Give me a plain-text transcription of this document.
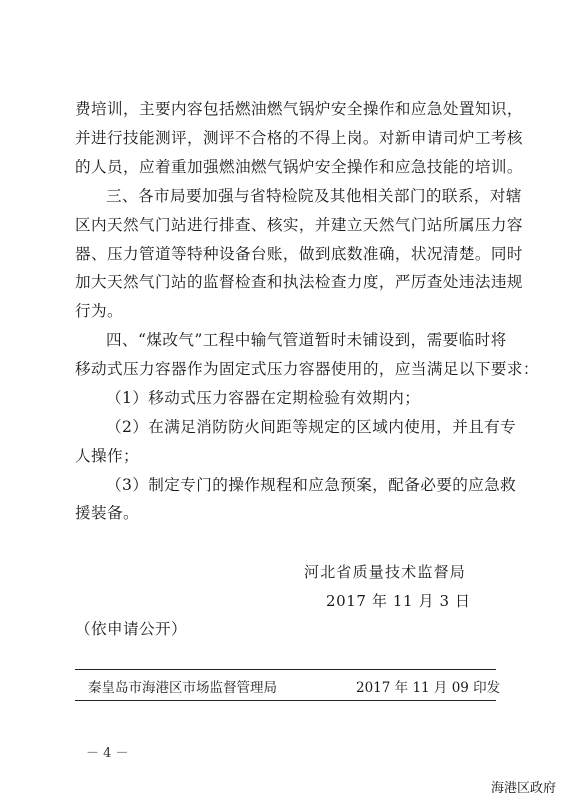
费培训，主要内容包括燃油燃气锅炉安全操作和应急处置知识，
并进行技能测评，测评不合格的不得上岗。对新申请司炉工考核
的人员，应着重加强燃油燃气锅炉安全操作和应急技能的培训。
三、各市局要加强与省特检院及其他相关部门的联系，对辖
区内天然气门站进行排查、核实，并建立天然气门站所属压力容
器、压力管道等特种设备台账，做到底数准确，状况清楚。同时
加大天然气门站的监督检查和执法检查力度，严厉查处违法违规
行为。
四、“煤改气”工程中输气管道暂时未铺设到，需要临时将
移动式压力容器作为固定式压力容器使用的，应当满足以下要求：
（1）移动式压力容器在定期检验有效期内；
（2）在满足消防防火间距等规定的区域内使用，并且有专
人操作；
（3）制定专门的操作规程和应急预案，配备必要的应急救
援装备。
河北省质量技术监督局
2017 年 11 月 3 日
（依申请公开）
秦皇岛市海港区市场监督管理局	2017 年 11 月 09 印发
－ 4 －
海港区政府
